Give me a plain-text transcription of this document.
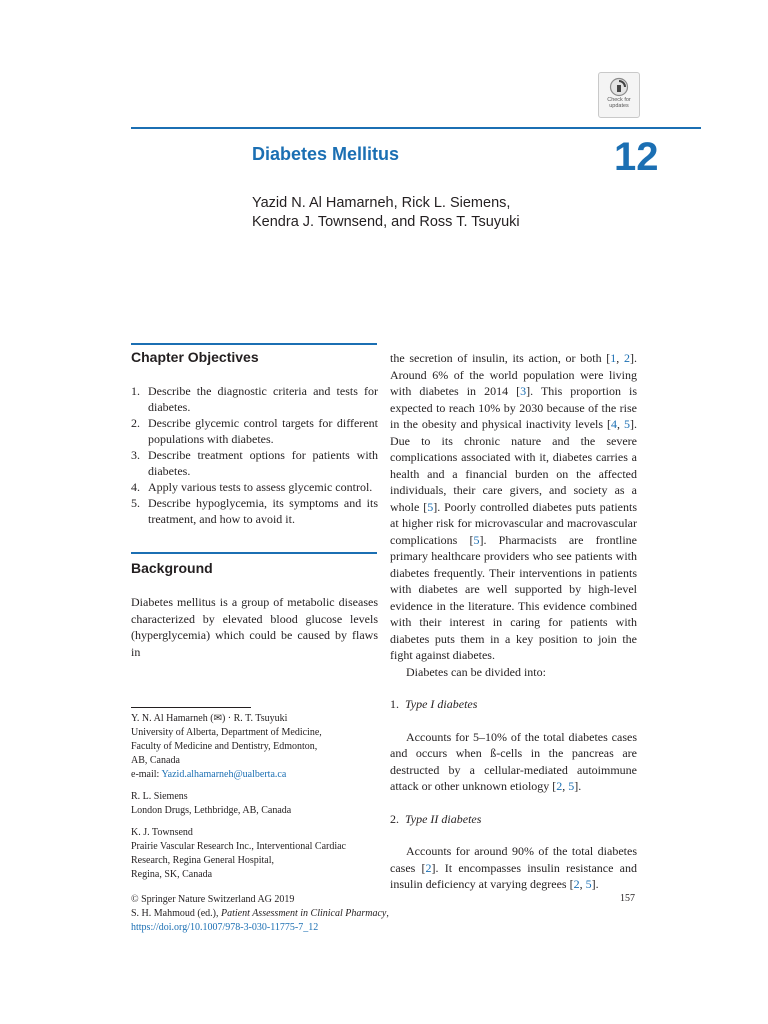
Check for
updates
Diabetes Mellitus	12
Yazid N. Al Hamarneh, Rick L. Siemens,
Kendra J. Townsend, and Ross T. Tsuyuki
Chapter Objectives
1. Describe the diagnostic criteria and tests for diabetes.
2. Describe glycemic control targets for different populations with diabetes.
3. Describe treatment options for patients with diabetes.
4. Apply various tests to assess glycemic control.
5. Describe hypoglycemia, its symptoms and its treatment, and how to avoid it.
Background
Diabetes mellitus is a group of metabolic diseases characterized by elevated blood glucose levels (hyperglycemia) which could be caused by flaws in

the secretion of insulin, its action, or both [1, 2]. Around 6% of the world population were living with diabetes in 2014 [3]. This proportion is expected to reach 10% by 2030 because of the rise in the obesity and physical inactivity levels [4, 5]. Due to its chronic nature and the severe complications associated with it, diabetes carries a health and a financial burden on the affected individuals, their care givers, and society as a whole [5]. Poorly controlled diabetes puts patients at higher risk for microvascular and macrovascular complications [5]. Pharmacists are frontline primary healthcare providers who see patients with diabetes frequently. Their interventions in patients with diabetes are well supported by high-level evidence in the literature. This evidence combined with their interest in caring for patients with diabetes puts them in a key position to join the fight against diabetes.

Diabetes can be divided into:

1. Type I diabetes

Accounts for 5–10% of the total diabetes cases and occurs when ß-cells in the pancreas are destructed by a cellular-mediated autoimmune attack or other unknown etiology [2, 5].

2. Type II diabetes

Accounts for around 90% of the total diabetes cases [2]. It encompasses insulin resistance and insulin deficiency at varying degrees [2, 5].

Y. N. Al Hamarneh (✉) · R. T. Tsuyuki
University of Alberta, Department of Medicine,
Faculty of Medicine and Dentistry, Edmonton,
AB, Canada
e-mail: Yazid.alhamarneh@ualberta.ca

R. L. Siemens
London Drugs, Lethbridge, AB, Canada

K. J. Townsend
Prairie Vascular Research Inc., Interventional Cardiac
Research, Regina General Hospital,
Regina, SK, Canada

© Springer Nature Switzerland AG 2019

S. H. Mahmoud (ed.), Patient Assessment in Clinical Pharmacy,

https://doi.org/10.1007/978-3-030-11775-7_12

157
